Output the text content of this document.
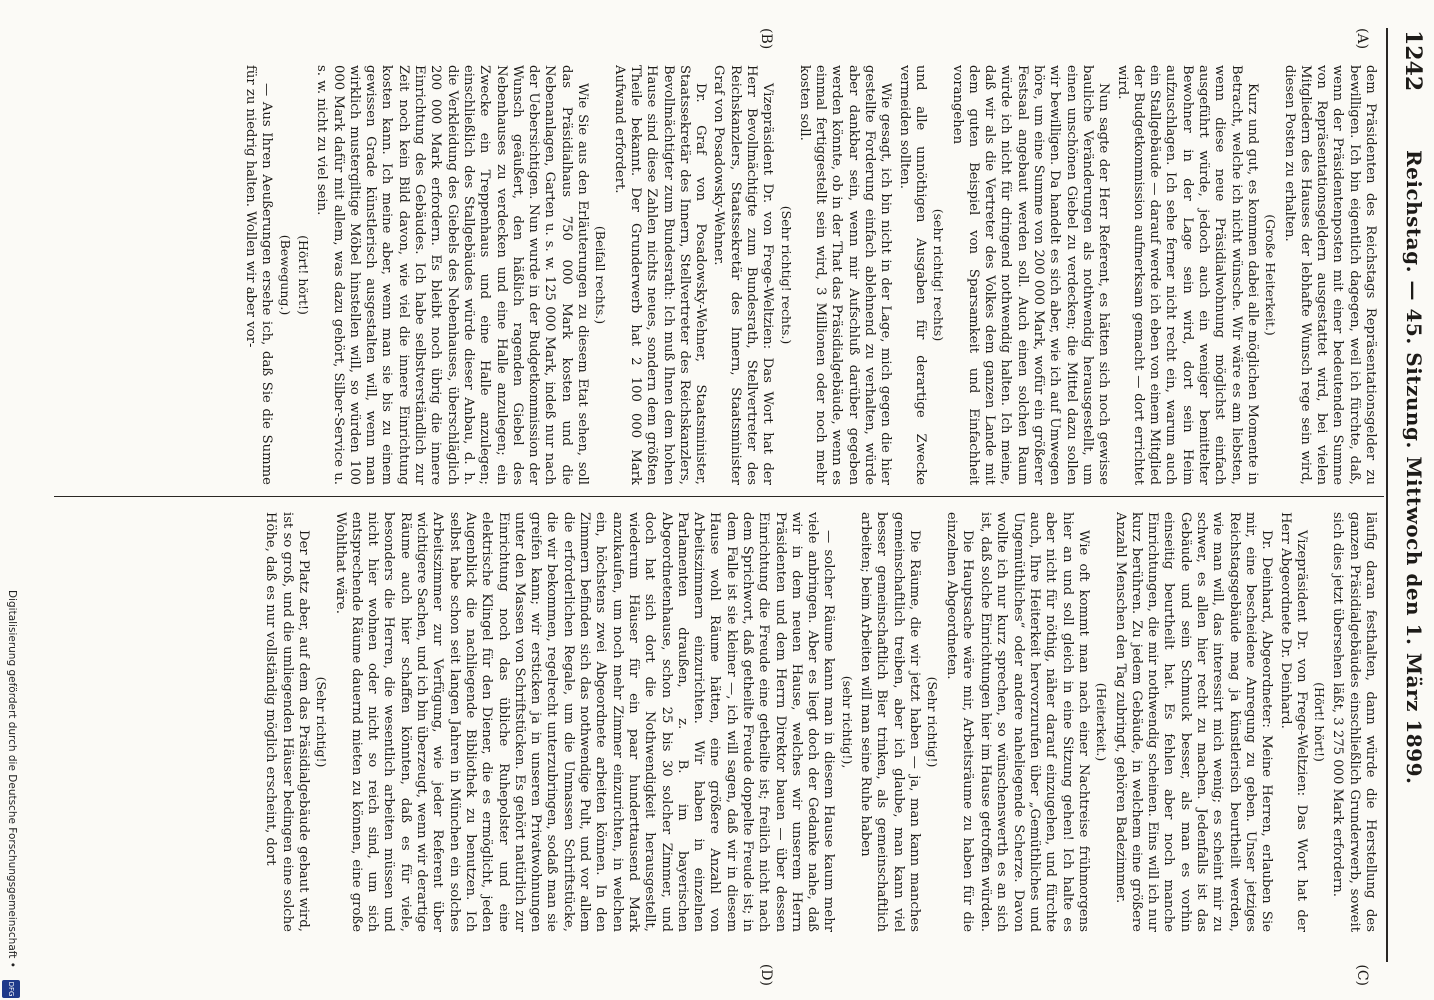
1242
Reichstag. — 45. Sitzung. Mittwoch den 1. März 1899.
(A)
(B)
(C)
(D)

dem Präsidenten des Reichstags Repräsentationsgelder zu bewilligen. Ich bin eigentlich dagegen, weil ich fürchte, daß, wenn der Präsidentenposten mit einer bedeutenden Summe von Repräsentationsgeldern ausgestattet wird, bei vielen Mitgliedern des Hauses der lebhafte Wunsch rege sein wird, diesen Posten zu erhalten.

(Große Heiterkeit.)

Kurz und gut, es kommen dabei alle möglichen Momente in Betracht, welche ich nicht wünsche. Wir wäre es am liebsten, wenn diese neue Präsidialwohnung möglichst einfach ausgeführt würde, jedoch auch ein weniger bemittelter Bewohner in der Lage sein wird, dort sein Heim aufzuschlagen. Ich sehe ferner nicht recht ein, warum auch ein Stallgebäude — darauf werde ich eben von einem Mitglied der Budgetkommission aufmerksam gemacht — dort errichtet wird.

Nun sagte der Herr Referent, es hätten sich noch gewisse bauliche Veränderungen als nothwendig herausgestellt, um einen unschönen Giebel zu verdecken; die Mittel dazu sollen wir bewilligen. Da handelt es sich aber, wie ich auf Umwegen höre, um eine Summe von 200 000 Mark, wofür ein größerer Festsaal angebaut werden soll. Auch einen solchen Raum würde ich nicht für dringend nothwendig halten. Ich meine, daß wir als die Vertreter des Volkes dem ganzen Lande mit dem guten Beispiel von Sparsamkeit und Einfachheit vorangehen

(sehr richtig! rechts)

und alle unnöthigen Ausgaben für derartige Zwecke vermeiden sollten.

Wie gesagt, ich bin nicht in der Lage, mich gegen die hier gestellte Forderung einfach ablehnend zu verhalten, würde aber dankbar sein, wenn mir Aufschluß darüber gegeben werden könnte, ob in der That das Präsidialgebäude, wenn es einmal fertiggestellt sein wird, 3 Millionen oder noch mehr kosten soll.

(Sehr richtig! rechts.)

Vizepräsident Dr. von Frege-Weltzien: Das Wort hat der Herr Bevollmächtigte zum Bundesrath, Stellvertreter des Reichskanzlers, Staatssekretär des Innern, Staatsminister Graf von Posadowsky-Wehner.

Dr. Graf von Posadowsky-Wehner, Staatsminister, Staatssekretär des Innern, Stellvertreter des Reichskanzlers, Bevollmächtigter zum Bundesrath: Ich muß Ihnen dem hohen Hause sind diese Zahlen nichts neues, sondern dem größten Theile bekannt. Der Grunderwerb hat 2 100 000 Mark Aufwand erfordert.

(Beifall rechts.)

Wie Sie aus den Erläuterungen zu diesem Etat sehen, soll das Präsidialhaus 750 000 Mark kosten und die Nebenanlagen, Garten u. s. w. 125 000 Mark, indeß nur nach der Uebersichtigen. Nun wurde in der Budgetkommission der Wunsch geäußert, den häßlich ragenden Giebel des Nebenhauses zu verdecken und eine Halle anzulegen; ein Zwecke ein Treppenhaus und eine Halle anzulegen; einschließlich des Stallgebäudes würde dieser Anbau, d. h. die Verkleidung des Giebels des Nebenhauses, überschläglich 200 000 Mark erfordern. Es bleibt noch übrig die innere Einrichtung des Gebäudes. Ich habe selbstverständlich zur Zeit noch kein Bild davon, wie viel die innere Einrichtung kosten kann. Ich meine aber, wenn man sie bis zu einem gewissen Grade künstlerisch ausgestalten will, wenn man wirklich mustergiltige Möbel hinstellen will, so würden 100 000 Mark dafür mit allem, was dazu gehört, Silber-Service u. s. w. nicht zu viel sein.

(Hört! hört!)

(Bewegung.)

— Aus Ihren Aeußerungen ersehe ich, daß Sie die Summe für zu niedrig halten. Wollen wir aber vor-

läufig daran festhalten, dann würde die Herstellung des ganzen Präsidialgebäudes einschließlich Grunderwerb, soweit sich dies jetzt übersehen läßt, 3 275 000 Mark erfordern.

(Hört! hört!)

Vizepräsident Dr. von Frege-Weltzien: Das Wort hat der Herr Abgeordnete Dr. Deinhard.

Dr. Deinhard, Abgeordneter: Meine Herren, erlauben Sie mir, eine bescheidene Anregung zu geben. Unser jetziges Reichstagsgebäude mag ja künstlerisch beurtheilt werden, wie man will, das interessirt mich wenig; es scheint mir zu schwer, es allen hier recht zu machen. Jedenfalls ist das Gebäude und sein Schmuck besser, als man es vorhin einseitig beurtheilt hat. Es fehlen aber noch manche Einrichtungen, die mir nothwendig scheinen. Eins will ich nur kurz berühren. Zu jedem Gebäude, in welchem eine größere Anzahl Menschen den Tag zubringt, gehören Badezimmer.

(Heiterkeit.)

Wie oft kommt man nach einer Nachtreise frühmorgens hier an und soll gleich in eine Sitzung gehen! Ich halte es aber nicht für nöthig, näher darauf einzugehen, und fürchte auch, Ihre Heiterkeit hervorzurufen über „Gemüthliches und Ungemüthliches“ oder andere naheliegende Scherze. Davon wollte ich nur kurz sprechen, so wünschenswerth es an sich ist, daß solche Einrichtungen hier im Hause getroffen würden.

Die Hauptsache wäre mir, Arbeitsräume zu haben für die einzelnen Abgeordneten.

(Sehr richtig!)

Die Räume, die wir jetzt haben — ja, man kann manches gemeinschaftlich treiben, aber ich glaube, man kann viel besser gemeinschaftlich Bier trinken, als gemeinschaftlich arbeiten; beim Arbeiten will man seine Ruhe haben

(sehr richtig!),

— solcher Räume kann man in diesem Hause kaum mehr viele anbringen. Aber es liegt doch der Gedanke nahe, daß wir in dem neuen Hause, welches wir unserem Herrn Präsidenten und dem Herrn Direktor bauen — über dessen Einrichtung die Freude eine getheilte ist; freilich nicht nach dem Sprichwort, daß getheilte Freude doppelte Freude ist; in dem Falle ist sie kleiner —, ich will sagen, daß wir in diesem Hause wohl Räume hätten, eine größere Anzahl von Arbeitszimmern einzurichten. Wir haben in einzelnen Parlamenten draußen, z. B. im bayerischen Abgeordnetenhause, schon 25 bis 30 solcher Zimmer, und doch hat sich dort die Nothwendigkeit herausgestellt, wiederum Häuser für ein paar hunderttausend Mark anzukaufen, um noch mehr Zimmer einzurichten, in welchen ein, höchstens zwei Abgeordnete arbeiten können. In den Zimmern befinden sich das nothwendige Pult, und vor allem die erforderlichen Regale, um die Unmassen Schriftstücke, die wir bekommen, regelrecht unterzubringen, sodaß man sie greifen kann; wir ersticken ja in unseren Privatwohnungen unter den Massen von Schriftstücken. Es gehört natürlich zur Einrichtung noch das übliche Ruhepolster und eine elektrische Klingel für den Diener, die es ermöglicht, jeden Augenblick die nachliegende Bibliothek zu benutzen. Ich selbst habe schon seit langen Jahren in München ein solches Arbeitszimmer zur Verfügung, wie jeder Referent über wichtigere Sachen, und ich bin überzeugt, wenn wir derartige Räume auch hier schaffen könnten, daß es für viele, besonders die Herren, die wesentlich arbeiten müssen und nicht hier wohnen oder nicht so reich sind, um sich entsprechende Räume dauernd mieten zu können, eine große Wohlthat wäre.

(Sehr richtig!)

Der Platz aber, auf dem das Präsidialgebäude gebaut wird, ist so groß, und die umliegenden Häuser bedingen eine solche Höhe, daß es nur vollständig möglich erscheint, dort

Digitalisierung gefördert durch die Deutsche Forschungsgemeinschaft •
DFG
